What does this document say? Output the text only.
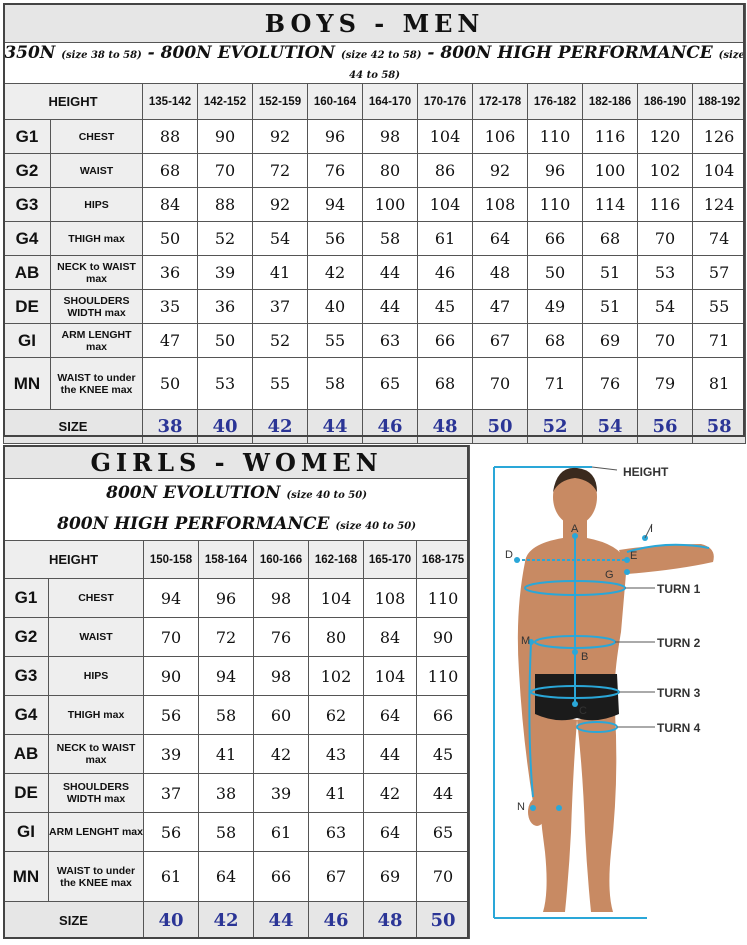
BOYS - MEN												
350N (size 38 to 58) - 800N EVOLUTION (size 42 to 58) - 800N HIGH PERFORMANCE (size 44 to 58)												
HEIGHT		135-142	142-152	152-159	160-164	164-170	170-176	172-178	176-182	182-186	186-190	188-192
G1	CHEST	88	90	92	96	98	104	106	110	116	120	126
G2	WAIST	68	70	72	76	80	86	92	96	100	102	104
G3	HIPS	84	88	92	94	100	104	108	110	114	116	124
G4	THIGH max	50	52	54	56	58	61	64	66	68	70	74
AB	NECK to WAIST max	36	39	41	42	44	46	48	50	51	53	57
DE	SHOULDERS WIDTH max	35	36	37	40	44	45	47	49	51	54	55
GI	ARM LENGHT max	47	50	52	55	63	66	67	68	69	70	71
MN	WAIST to under the KNEE max	50	53	55	58	65	68	70	71	76	79	81
SIZE		38	40	42	44	46	48	50	52	54	56	58
GIRLS - WOMEN							
800N EVOLUTION (size 40 to 50)							
800N HIGH PERFORMANCE (size 40 to 50)							
HEIGHT		150-158	158-164	160-166	162-168	165-170	168-175
G1	CHEST	94	96	98	104	108	110
G2	WAIST	70	72	76	80	84	90
G3	HIPS	90	94	98	102	104	110
G4	THIGH max	56	58	60	62	64	66
AB	NECK to WAIST max	39	41	42	43	44	45
DE	SHOULDERS WIDTH max	37	38	39	41	42	44
GI	ARM LENGHT max	56	58	61	63	64	65
MN	WAIST to under the KNEE max	61	64	66	67	69	70
SIZE		40	42	44	46	48	50
HEIGHT
TURN 1
TURN 2
TURN 3
TURN 4
A
B
C
D	E
G
I
M
N
